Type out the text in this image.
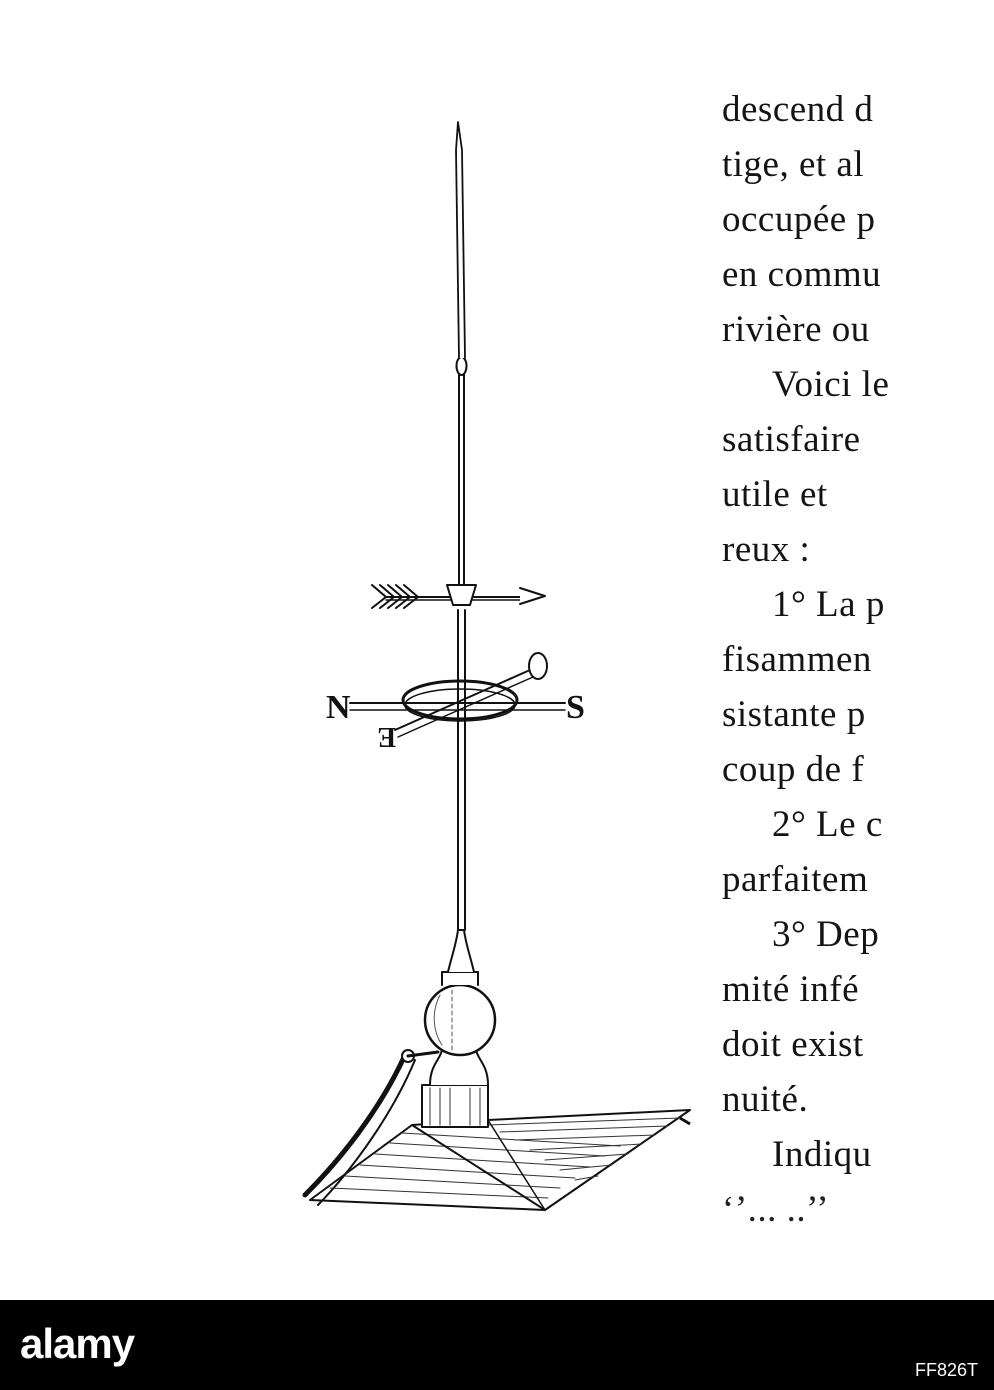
N	S
E
descend d
tige, et al
occupée p
en commu
rivière ou
Voici le
satisfaire
utile et
reux :
1° La p
fisammen
sistante p
coup de f
2° Le c
parfaitem
3° Dep
mité infé
doit exist
nuité.
Indiqu
‘’... ..’’
alamy
FF826T
